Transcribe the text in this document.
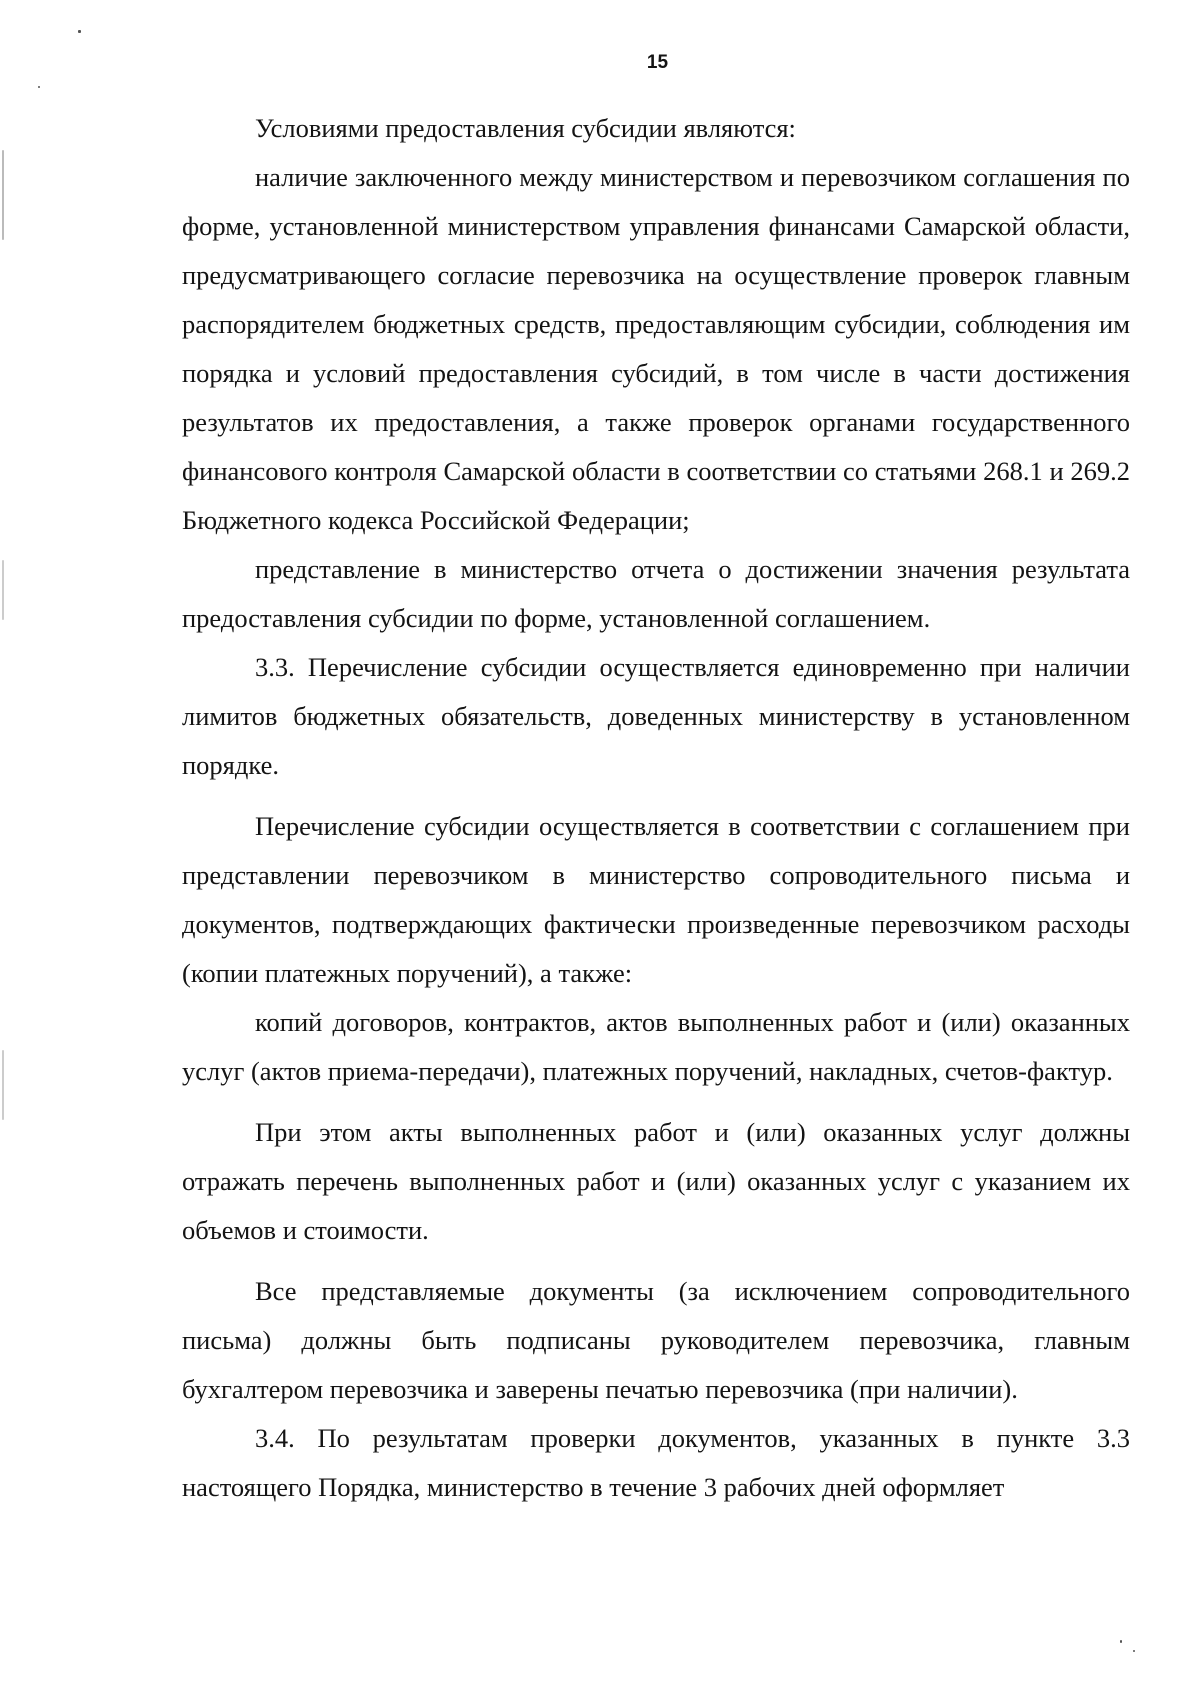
15

Условиями предоставления субсидии являются:

наличие заключенного между министерством и перевозчиком соглашения по форме, установленной министерством управления финансами Самарской области, предусматривающего согласие перевозчика на осуществление проверок главным распорядителем бюджетных средств, предоставляющим субсидии, соблюдения им порядка и условий предоставления субсидий, в том числе в части достижения результатов их предоставления, а также проверок органами государственного финансового контроля Самарской области в соответствии со статьями 268.1 и 269.2 Бюджетного кодекса Российской Федерации;

представление в министерство отчета о достижении значения результата предоставления субсидии по форме, установленной соглашением.

3.3. Перечисление субсидии осуществляется единовременно при наличии лимитов бюджетных обязательств, доведенных министерству в установленном порядке.

Перечисление субсидии осуществляется в соответствии с соглашением при представлении перевозчиком в министерство сопроводительного письма и документов, подтверждающих фактически произведенные перевозчиком расходы (копии платежных поручений), а также:

копий договоров, контрактов, актов выполненных работ и (или) оказанных услуг (актов приема-передачи), платежных поручений, накладных, счетов-фактур.

При этом акты выполненных работ и (или) оказанных услуг должны отражать перечень выполненных работ и (или) оказанных услуг с указанием их объемов и стоимости.

Все представляемые документы (за исключением сопроводительного письма) должны быть подписаны руководителем перевозчика, главным бухгалтером перевозчика и заверены печатью перевозчика (при наличии).

3.4. По результатам проверки документов, указанных в пункте 3.3 настоящего Порядка, министерство в течение 3 рабочих дней оформляет
